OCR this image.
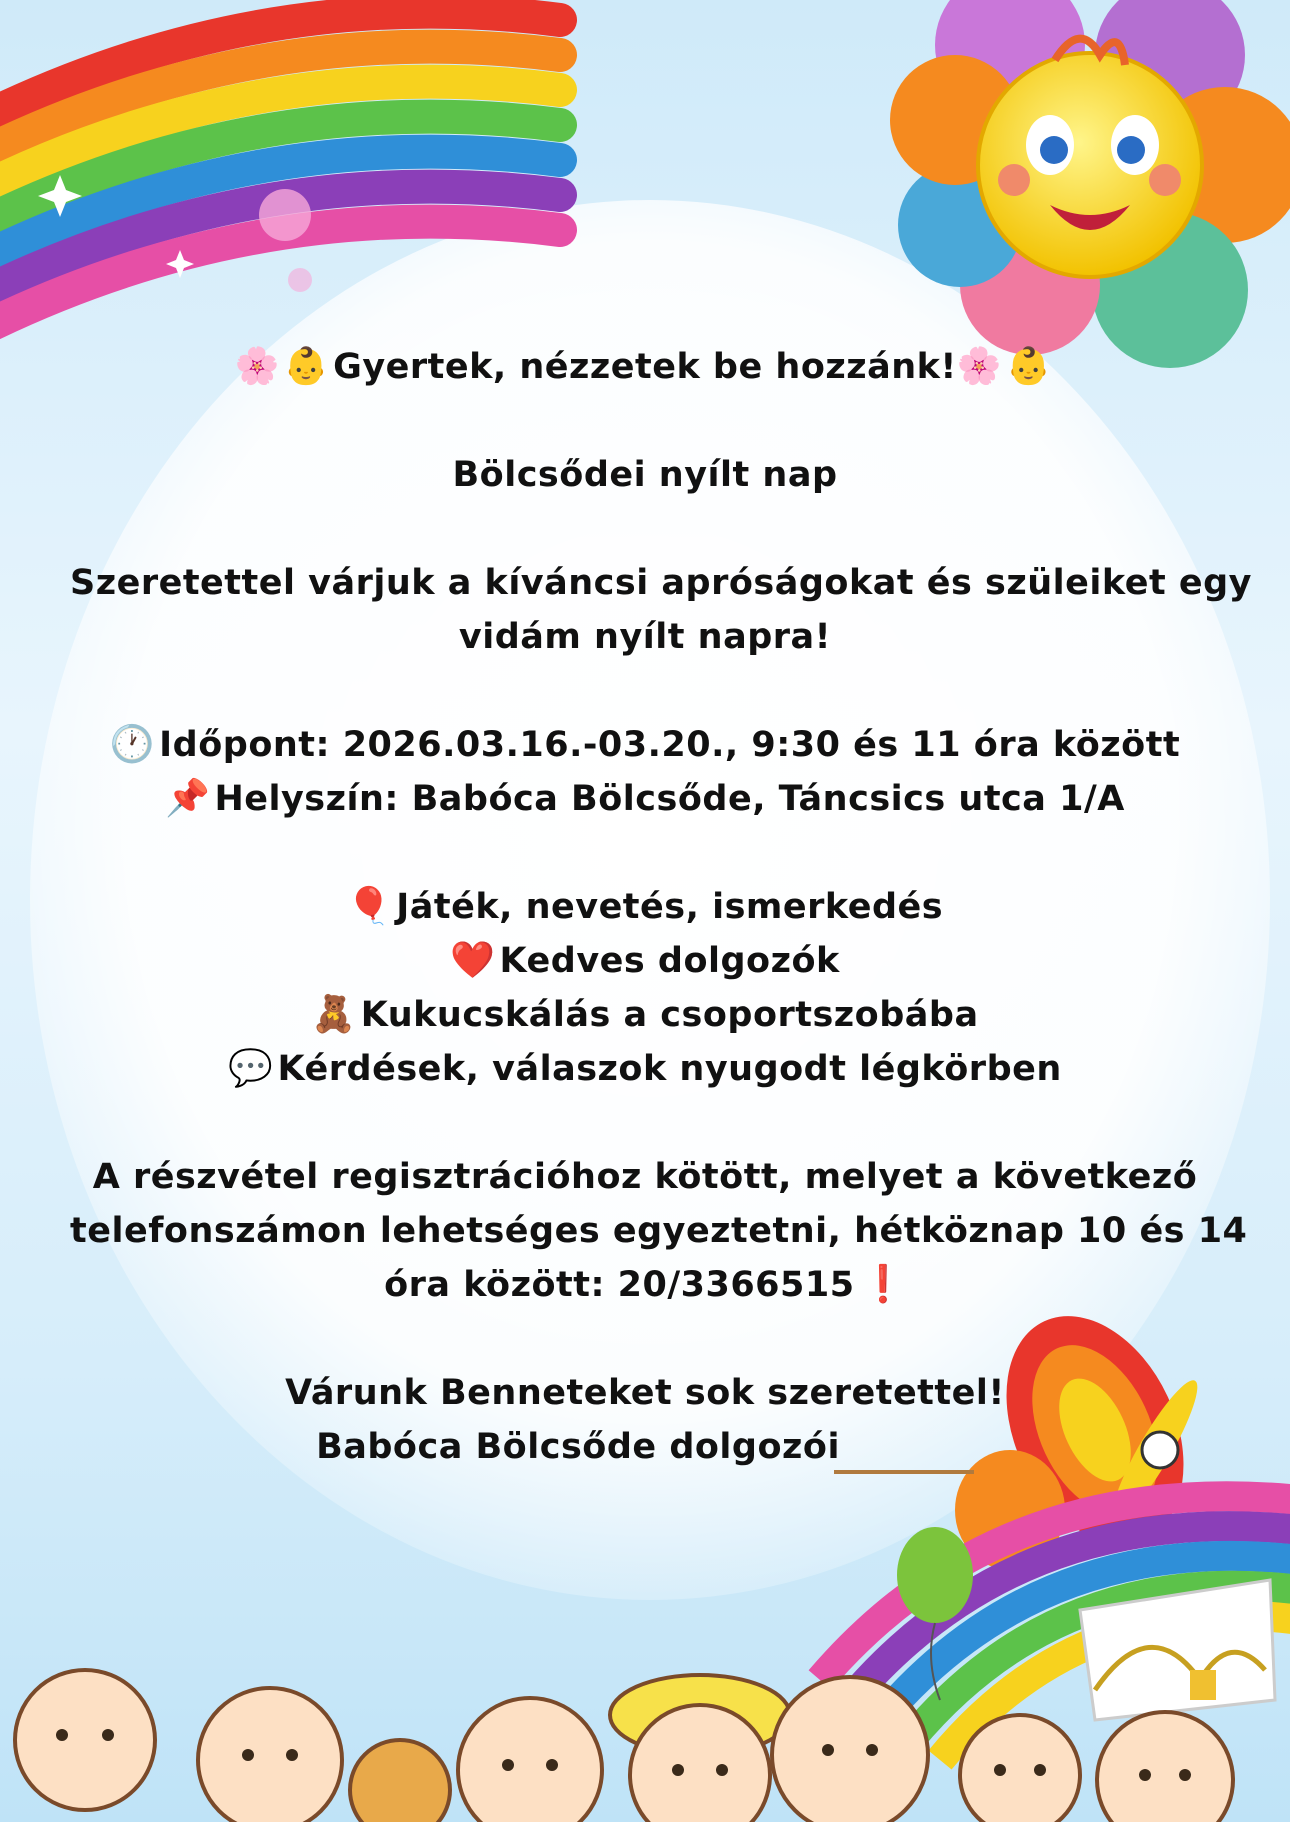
🌸 👶 Gyertek, nézzetek be hozzánk!🌸 👶
Bölcsődei nyílt nap
Szeretettel várjuk a kíváncsi apróságokat és szüleiket egy
vidám nyílt napra!
🕐 Időpont: 2026.03.16.-03.20., 9:30 és 11 óra között
📌 Helyszín: Babóca Bölcsőde, Táncsics utca 1/A
🎈 Játék, nevetés, ismerkedés
❤️ Kedves dolgozók
🧸 Kukucskálás a csoportszobába
💬 Kérdések, válaszok nyugodt légkörben
A részvétel regisztrációhoz kötött, melyet a következő
telefonszámon lehetséges egyeztetni, hétköznap 10 és 14
óra között: 20/3366515 ❗
Várunk Benneteket sok szeretettel!
Babóca Bölcsőde dolgozói
